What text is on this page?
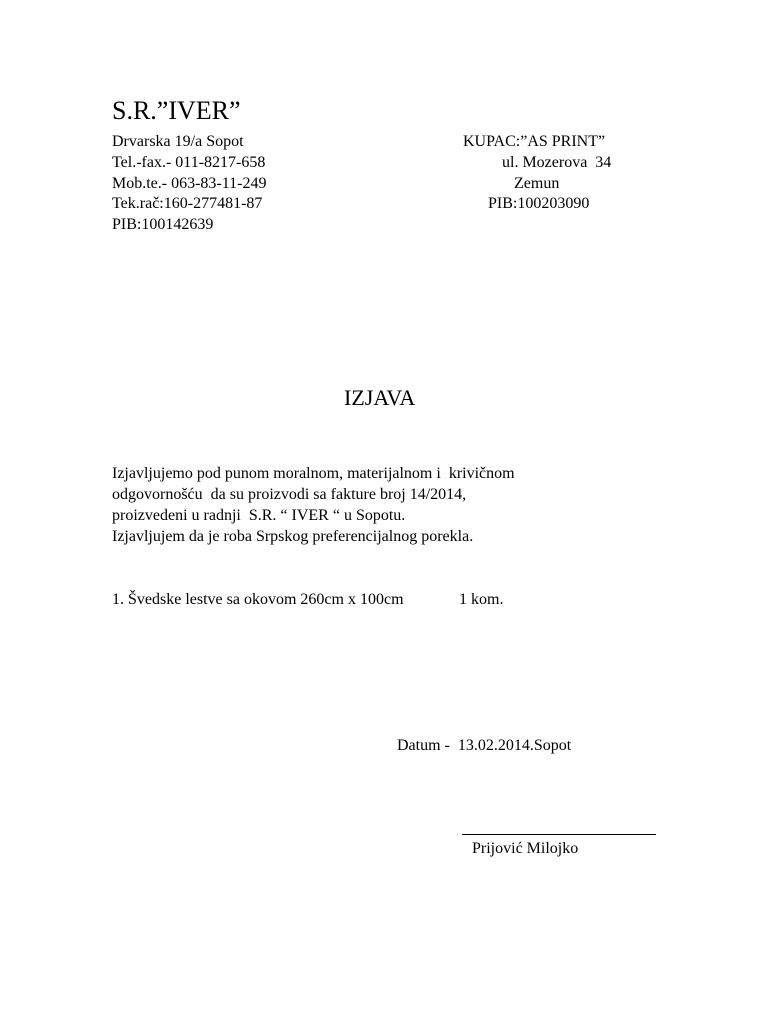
S.R.”IVER”
Drvarska 19/a Sopot
Tel.-fax.- 011-8217-658
Mob.te.- 063-83-11-249
Tek.rač:160-277481-87
PIB:100142639
KUPAC:”AS PRINT”
ul. Mozerova  34
Zemun
PIB:100203090
IZJAVA
Izjavljujemo pod punom moralnom, materijalnom i  krivičnom
odgovornošću  da su proizvodi sa fakture broj 14/2014,
proizvedeni u radnji  S.R. “ IVER “ u Sopotu.
Izjavljujem da je roba Srpskog preferencijalnog porekla.
1. Švedske lestve sa okovom 260cm x 100cm	1 kom.
Datum -  13.02.2014.Sopot
Prijović Milojko
